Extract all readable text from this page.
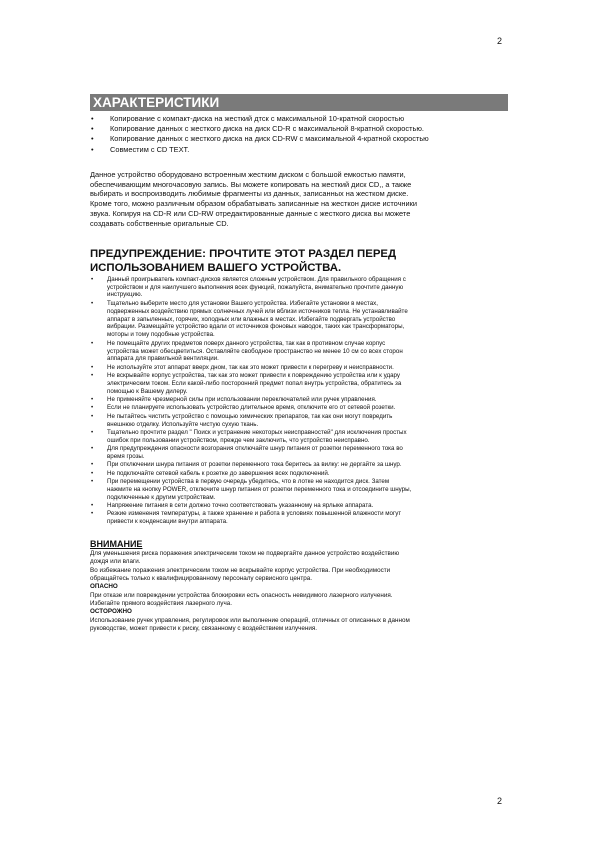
2
ХАРАКТЕРИСТИКИ
• Копирование с компакт-диска на жесткий дтск с максимальной 10-кратной скоростью
• Копирование данных с жесткого диска на диск CD-R с максимальной 8-кратной скоростью.
• Копирование данных с жесткого диска на диск CD-RW с максимальной 4-кратной скоростью
• Совместим с CD TEXT.
Данное устройство оборудовано встроенным жестким диском с большой емкостью памяти,
обеспечивающим многочасовую запись. Вы можете копировать на жесткий диск CD,, а также
выбирать и воспроизводить любимые фрагменты из данных, записанных на жестком диске.
Кроме того, можно различным образом обрабатывать записанные на жесткон диске источники
звука. Копируя на CD-R или CD-RW отредактированные данные с жесткого диска вы можете
создавать собственные оригальные CD.
ПРЕДУПРЕЖДЕНИЕ: ПРОЧТИТЕ ЭТОТ РАЗДЕЛ ПЕРЕД
ИСПОЛЬЗОВАНИЕМ ВАШЕГО УСТРОЙСТВА.
• Данный проигрыватель компакт-дисков является сложным устройством. Для правильного обращения с
устройством и для наилучшего выполнения всех функций, пожалуйста, внимательно прочтите данную
инструкцию.
• Тщательно выберите место для установки Вашего устройства. Избегайте установки в местах,
подверженных воздействию прямых солнечных лучей или вблизи источников тепла. Не устанавливайте
аппарат в запыленных, горячих, холодных или влажных в местах. Избегайте подвергать устройство
вибрации. Размещайте устройство вдали от источников фоновых наводок, таких как трансформаторы,
моторы и тому подобные устройства.
• Не помещайте других предметов поверх данного устройства, так как в противном случае корпус
устройства может обесцветиться. Оставляйте свободное пространство не менее 10 см со всех сторон
аппарата для правильной вентиляции.
• Не используйте этот аппарат вверх дном, так как это может привести к перегреву и неисправности.
• Не вскрывайте корпус устройства, так как это может привести к повреждению устройства или к удару
электрическим током. Если какой-либо посторонний предмет попал внутрь устройства, обратитесь за
помощью к Вашему дилеру.
• Не применяйте чрезмерной силы при использовании переключателей или ручек управления.
• Если не планируете использовать устройство длительное время, отключите его от сетевой розетки.
• Не пытайтесь чистить устройство с помощью химических препаратов, так как они могут повредить
внешнюю отделку. Используйте чистую сухую ткань.
• Тщательно прочтите раздел " Поиск и устранение некоторых неисправностей" для исключения простых
ошибок при пользовании устройством, прежде чем заключить, что устройство неисправно.
• Для предупреждения опасности возгорания отключайте шнур питания от розетки переменного тока во
время грозы.
• При отключении шнура питания от розетки переменного тока беритесь за вилку: не дергайте за шнур.
• Не подключайте сетевой кабель к розетке до завершения всех подключений.
• При перемещении устройства в первую очередь убедитесь, что в лотке не находится диск. Затем
нажмите на кнопку POWER, отключите шнур питания от розетки переменного тока и отсоедините шнуры,
подключенные к другим устройствам.
• Напряжение питания в сети должно точно соответствовать указанному на ярлыке аппарата.
• Резкие изменения температуры, а также хранение и работа в условиях повышенной влажности могут
привести к конденсации внутри аппарата.
ВНИМАНИЕ

Для уменьшения риска поражения электрическим током не подвергайте данное устройство воздействию

дождя или влаги.

Во избежание поражения электрическим током не вскрывайте корпус устройства. При необходимости

обращайтесь только к квалифицированному персоналу сервисного центра.

ОПАСНО

При отказе или повреждении устройства блокировки есть опасность невидимого лазерного излучения.

Избегайте прямого воздействия лазерного луча.

ОСТОРОЖНО

Использование ручек управления, регулировок или выполнение операций, отличных от описанных в данном

руководстве, может привести к риску, связанному с воздействием излучения.

2
